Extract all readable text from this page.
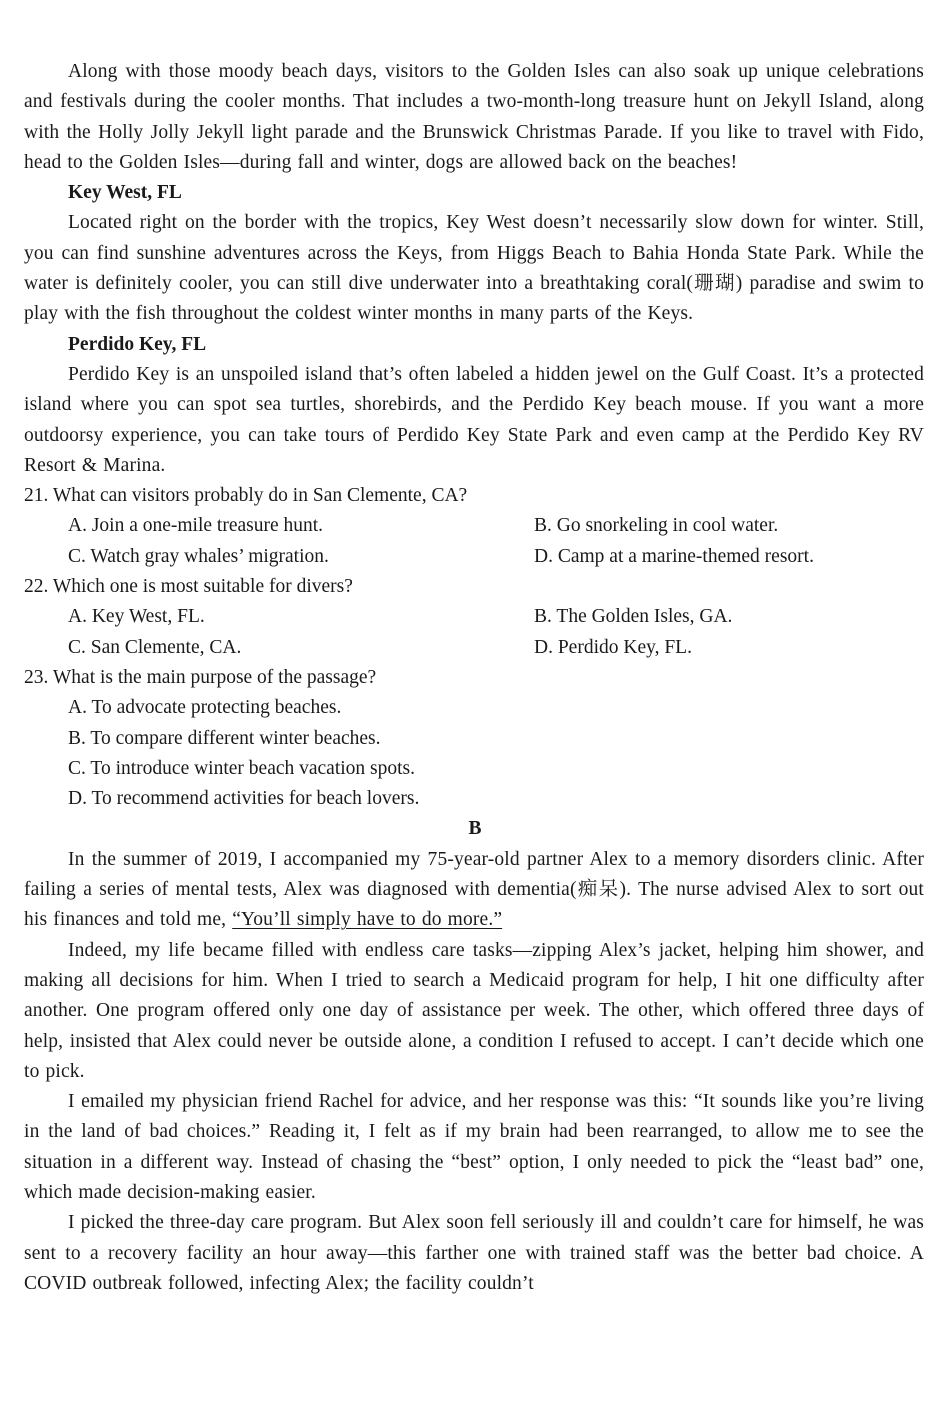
Along with those moody beach days, visitors to the Golden Isles can also soak up unique celebrations and festivals during the cooler months. That includes a two-month-long treasure hunt on Jekyll Island, along with the Holly Jolly Jekyll light parade and the Brunswick Christmas Parade. If you like to travel with Fido, head to the Golden Isles—during fall and winter, dogs are allowed back on the beaches!

Key West, FL

Located right on the border with the tropics, Key West doesn’t necessarily slow down for winter. Still, you can find sunshine adventures across the Keys, from Higgs Beach to Bahia Honda State Park. While the water is definitely cooler, you can still dive underwater into a breathtaking coral(珊瑚) paradise and swim to play with the fish throughout the coldest winter months in many parts of the Keys.

Perdido Key, FL

Perdido Key is an unspoiled island that’s often labeled a hidden jewel on the Gulf Coast. It’s a protected island where you can spot sea turtles, shorebirds, and the Perdido Key beach mouse. If you want a more outdoorsy experience, you can take tours of Perdido Key State Park and even camp at the Perdido Key RV Resort & Marina.

21. What can visitors probably do in San Clemente, CA?

A. Join a one-mile treasure hunt.	B. Go snorkeling in cool water.
C. Watch gray whales’ migration.	D. Camp at a marine-themed resort.

22. Which one is most suitable for divers?

A. Key West, FL.	B. The Golden Isles, GA.
C. San Clemente, CA.	D. Perdido Key, FL.

23. What is the main purpose of the passage?

A. To advocate protecting beaches.

B. To compare different winter beaches.

C. To introduce winter beach vacation spots.

D. To recommend activities for beach lovers.

B

In the summer of 2019, I accompanied my 75-year-old partner Alex to a memory disorders clinic. After failing a series of mental tests, Alex was diagnosed with dementia(痴呆). The nurse advised Alex to sort out his finances and told me, “You’ll simply have to do more.”

Indeed, my life became filled with endless care tasks—zipping Alex’s jacket, helping him shower, and making all decisions for him. When I tried to search a Medicaid program for help, I hit one difficulty after another. One program offered only one day of assistance per week. The other, which offered three days of help, insisted that Alex could never be outside alone, a condition I refused to accept. I can’t decide which one to pick.

I emailed my physician friend Rachel for advice, and her response was this: “It sounds like you’re living in the land of bad choices.” Reading it, I felt as if my brain had been rearranged, to allow me to see the situation in a different way. Instead of chasing the “best” option, I only needed to pick the “least bad” one, which made decision-making easier.

I picked the three-day care program. But Alex soon fell seriously ill and couldn’t care for himself, he was sent to a recovery facility an hour away—this farther one with trained staff was the better bad choice. A COVID outbreak followed, infecting Alex; the facility couldn’t
